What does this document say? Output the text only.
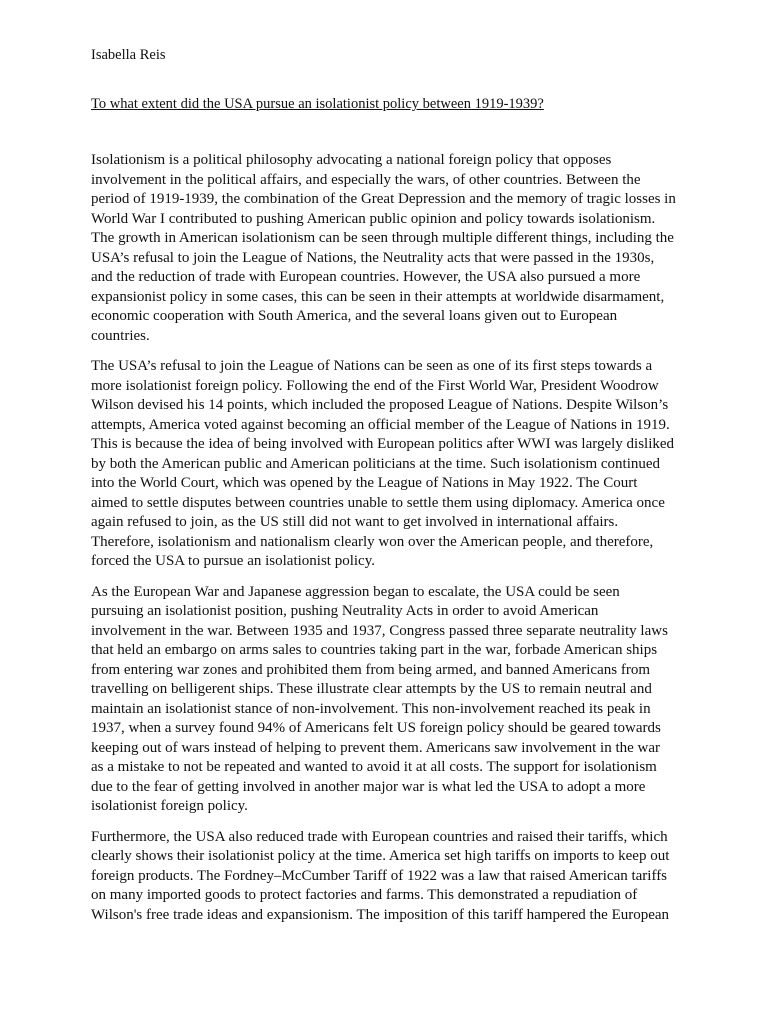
Isabella Reis

To what extent did the USA pursue an isolationist policy between 1919-1939?

Isolationism is a political philosophy advocating a national foreign policy that opposes
involvement in the political affairs, and especially the wars, of other countries. Between the
period of 1919-1939, the combination of the Great Depression and the memory of tragic losses in
World War I contributed to pushing American public opinion and policy towards isolationism.
The growth in American isolationism can be seen through multiple different things, including the
USA’s refusal to join the League of Nations, the Neutrality acts that were passed in the 1930s,
and the reduction of trade with European countries. However, the USA also pursued a more
expansionist policy in some cases, this can be seen in their attempts at worldwide disarmament,
economic cooperation with South America, and the several loans given out to European
countries.

The USA’s refusal to join the League of Nations can be seen as one of its first steps towards a
more isolationist foreign policy. Following the end of the First World War, President Woodrow
Wilson devised his 14 points, which included the proposed League of Nations. Despite Wilson’s
attempts, America voted against becoming an official member of the League of Nations in 1919.
This is because the idea of being involved with European politics after WWI was largely disliked
by both the American public and American politicians at the time. Such isolationism continued
into the World Court, which was opened by the League of Nations in May 1922. The Court
aimed to settle disputes between countries unable to settle them using diplomacy. America once
again refused to join, as the US still did not want to get involved in international affairs.
Therefore, isolationism and nationalism clearly won over the American people, and therefore,
forced the USA to pursue an isolationist policy.

As the European War and Japanese aggression began to escalate, the USA could be seen
pursuing an isolationist position, pushing Neutrality Acts in order to avoid American
involvement in the war. Between 1935 and 1937, Congress passed three separate neutrality laws
that held an embargo on arms sales to countries taking part in the war, forbade American ships
from entering war zones and prohibited them from being armed, and banned Americans from
travelling on belligerent ships. These illustrate clear attempts by the US to remain neutral and
maintain an isolationist stance of non-involvement. This non-involvement reached its peak in
1937, when a survey found 94% of Americans felt US foreign policy should be geared towards
keeping out of wars instead of helping to prevent them. Americans saw involvement in the war
as a mistake to not be repeated and wanted to avoid it at all costs. The support for isolationism
due to the fear of getting involved in another major war is what led the USA to adopt a more
isolationist foreign policy.

Furthermore, the USA also reduced trade with European countries and raised their tariffs, which
clearly shows their isolationist policy at the time. America set high tariffs on imports to keep out
foreign products. The Fordney–McCumber Tariff of 1922 was a law that raised American tariffs
on many imported goods to protect factories and farms. This demonstrated a repudiation of
Wilson's free trade ideas and expansionism. The imposition of this tariff hampered the European
